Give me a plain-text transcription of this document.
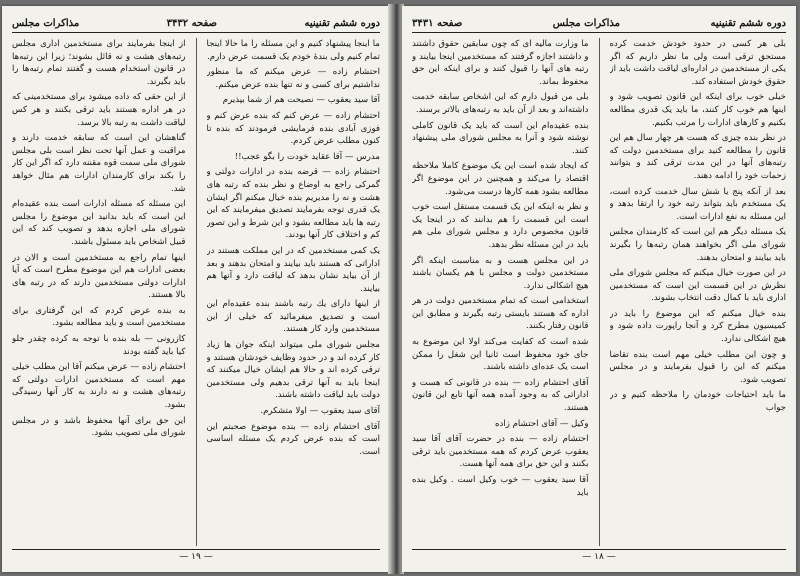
دوره ششم تقنینیه
صفحه ۳۴۳۲
مذاکرات مجلس

ما اینجا پیشنهاد کنیم و این مسئله را ما حالا اینجا تمام کنیم ولی بندۀ خودم یک قسمت عرض دارم.

احتشام زاده — عرض میکنم که ما منظور نداشتیم برای کسی و نه تنها بنده عرض میکنم.

آقا سید یعقوب — نصیحت هم از شما بپذیرم

احتشام زاده — عرض کنم که بنده عرض کنم و فوزی آبادی بنده فرمایشی فرمودند که بنده تا کنون مطلب عرض کردم.

مدرس — آقا عقاید خودت را بگو عجب!!

احتشام زاده — قرضه بنده در ادارات دولتی و گمرکی راجع به اوضاع و نظر بنده که رتبه های هشت و نه را مدیریم بنده خیال میکنم اگر ایشان یک قدری توجه بفرمایند تصدیق میفرمایند که این رتبه ها باید مطالعه بشود و این شرط و این تصور کم و اختلاف کار آنها بودند.

یک کمی مستخدمین که در این مملکت هستند در اداراتی که هستند باید بیایند و امتحان بدهند و بعد از آن بیاید نشان بدهد که لیاقت دارد و آنها هم بیایند.

از اینها داراى يك رتبه باشند بنده عقیده‌ام این است و تصدیق میفرمائید که خیلی از این مستخدمین وارد کار هستند.

مجلس شورای ملی میتواند اینکه جوان ها زیاد کار کرده اند و در حدود وظایف خودشان هستند و ترقی کرده اند و حالا هم ایشان خیال میکنند که اینجا باید به آنها ترقی بدهیم ولی مستخدمین دولت باید لیاقت داشته باشند.

آقای سید یعقوب — اولا متشکرم.

آقای احتشام زاده — بنده موضوع صحبتم این است که بنده عرض کردم یک مسئله اساسی است.

از اینجا بفرمایند برای مستخدمین ادارى مجلس رتبه‌های هشت و نه قائل بشوند؛ زیرا این رتبه‌ها در قانون استخدام هست و گفتند تمام رتبه‌ها را باید بگیرند.

از این حقی که داده میشود برای مستخدمینی که در هر اداره هستند باید ترقی بکنند و هر کس لیاقت داشت به رتبه بالا برسد.

گناهشان این است که سابقه خدمت دارند و مراقبت و عمل آنها تحت نظر است بلی مجلس شورای ملی سمت قوه مقننه دارد که اگر این کار را بکند برای کارمندان ادارات هم مثال خواهد شد.

این مسئله که مسئله ادارات است بنده عقیده‌ام این است که باید بدانید این موضوع را مجلس شورای ملی اجازه بدهد و تصویب کند که این قبیل اشخاص باید مسئول باشند.

اینها تمام راجع به مستخدمین است و الان در بعضی ادارات هم این موضوع مطرح است که آیا ادارات دولتی مستخدمین دارند که در رتبه های بالا هستند.

به بنده عرض کردم که این گرفتاری برای مستخدمین است و باید مطالعه بشود.

کازرونی — بله بنده با توجه به کرده چقدر جلو کیا باید گفته بودند

احتشام زاده — عرض میکنم آقا این مطلب خیلی مهم است که مستخدمین ادارات دولتی که رتبه‌های هشت و نه دارند به کار آنها رسیدگی بشود.

این حق برای آنها محفوظ باشد و در مجلس شورای ملی تصویب بشود.

— ۱۹ —
دوره ششم تقنینیه
مذاکرات مجلس
صفحه ۳۴۳۱

بلی هر کسی در حدود خودش خدمت کرده مستحق ترقی است ولی ما نظر داریم که اگر یکی از مستخدمین در اداره‌ای لیاقت داشت باید از حقوق خودش استفاده کند.

خیلی خوب برای اینکه این قانون تصویب شود و اینها هم خوب کار کنند، ما باید یک قدری مطالعه بکنیم و کارهای ادارات را مرتب بکنیم.

در نظر بنده چیزی که هست هر چهار سال هم این قانون را مطالعه کنید برای مستخدمین دولت که رتبه‌های آنها در این مدت ترقی کند و بتوانند زحمات خود را ادامه دهند.

بعد از آنکه پنج یا شش سال خدمت کرده است، یک مستخدم باید بتواند رتبه خود را ارتقا بدهد و این مسئله به نفع ادارات است.

یک مسئله دیگر هم این است که کارمندان مجلس شورای ملی اگر بخواهند همان رتبه‌ها را بگیرند باید بیایند و امتحان بدهند.

در این صورت خیال میکنم که مجلس شورای ملی نظرش در این قسمت این است که مستخدمین اداری باید با کمال دقت انتخاب بشوند.

بنده خیال میکنم که این موضوع را باید در کمیسیون مطرح کرد و آنجا راپورت داده شود و هیچ اشکالی ندارد.

و چون این مطلب خیلی مهم است بنده تقاضا میکنم که این را قبول بفرمایند و در مجلس تصویب شود.

ما باید احتیاجات خودمان را ملاحظه کنیم و در جواب

ما وزارت مالیه ای که چون سابقین حقوق داشتند و داشتند اجازه گرفتند که مستخدمین اینجا بیایند و رتبه های آنها را قبول کنند و برای اینکه این حق محفوظ بماند.

بلی من قبول دارم که این اشخاص سابقه خدمت داشته‌اند و بعد از آن باید به رتبه‌های بالاتر برسند.

بنده عقیده‌ام این است که باید یک قانون کاملی نوشته شود و آنرا به مجلس شورای ملی پیشنهاد کنند.

که ایجاد شده است این یک موضوع کاملا ملاحظه اقتصاد را می‌کند و همچنین در این موضوع اگر مطالعه بشود همه کارها درست می‌شود.

و نظر به اینکه این یک قسمت مستقل است خوب است این قسمت را هم بدانند که در اینجا یک قانون مخصوص دارد و مجلس شورای ملی هم باید در این مسئله نظر بدهد.

در این مجلس هست و به مناسبت اینکه اگر مستخدمین دولت و مجلس با هم یکسان باشند هیچ اشکالی ندارد.

استخدامی است که تمام مستخدمین دولت در هر اداره که هستند بایستی رتبه بگیرند و مطابق این قانون رفتار بکنند.

شده است که کفایت می‌کند اولا این موضوع به جای خود محفوظ است ثانیا این شغل را ممکن است یک عده‌ای داشته باشند.

آقای احتشام زاده — بنده در قانونی که هست و اداراتی که به وجود آمده همه آنها تابع این قانون هستند.

وکیل — آقای احتشام زاده

احتشام زاده — بنده در حضرت آقای آقا سید یعقوب عرض کردم که همه مستخدمین باید ترقی بکنند و این حق برای همه آنها هست.

آقا سید یعقوب — خوب وکیل است . وکیل بنده باید

— ۱۸ —
